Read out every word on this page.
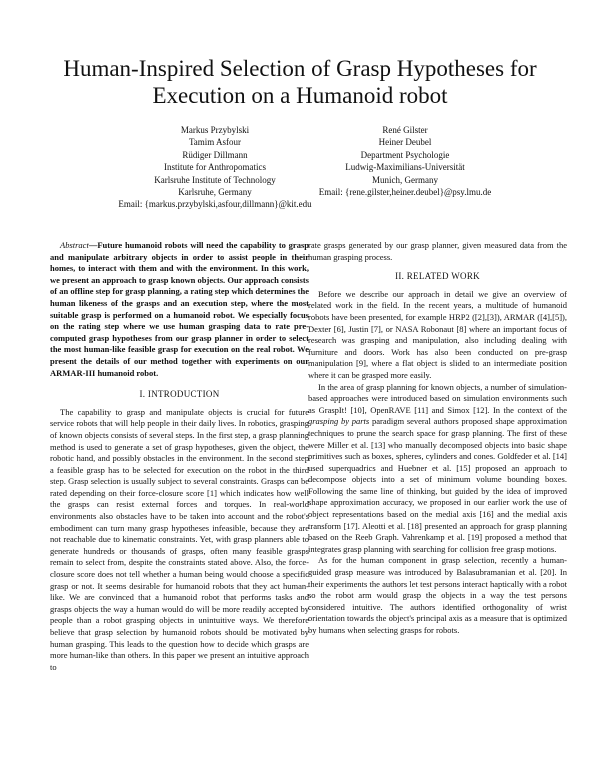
Human-Inspired Selection of Grasp Hypotheses for Execution on a Humanoid robot
Markus Przybylski
Tamim Asfour
Rüdiger Dillmann
Institute for Anthropomatics
Karlsruhe Institute of Technology
Karlsruhe, Germany
Email: {markus.przybylski,asfour,dillmann}@kit.edu
René Gilster
Heiner Deubel
Department Psychologie
Ludwig-Maximilians-Universität
Munich, Germany
Email: {rene.gilster,heiner.deubel}@psy.lmu.de

Abstract—Future humanoid robots will need the capability to grasp and manipulate arbitrary objects in order to assist people in their homes, to interact with them and with the environment. In this work, we present an approach to grasp known objects. Our approach consists of an offline step for grasp planning, a rating step which determines the human likeness of the grasps and an execution step, where the most suitable grasp is performed on a humanoid robot. We especially focus on the rating step where we use human grasping data to rate pre-computed grasp hypotheses from our grasp planner in order to select the most human-like feasible grasp for execution on the real robot. We present the details of our method together with experiments on our ARMAR-III humanoid robot.

I. INTRODUCTION

The capability to grasp and manipulate objects is crucial for future service robots that will help people in their daily lives. In robotics, grasping of known objects consists of several steps. In the first step, a grasp planning method is used to generate a set of grasp hypotheses, given the object, the robotic hand, and possibly obstacles in the environment. In the second step a feasible grasp has to be selected for execution on the robot in the third step. Grasp selection is usually subject to several constraints. Grasps can be rated depending on their force-closure score [1] which indicates how well the grasps can resist external forces and torques. In real-world environments also obstacles have to be taken into account and the robot's embodiment can turn many grasp hypotheses infeasible, because they are not reachable due to kinematic constraints. Yet, with grasp planners able to generate hundreds or thousands of grasps, often many feasible grasps remain to select from, despite the constraints stated above. Also, the force-closure score does not tell whether a human being would choose a specific grasp or not. It seems desirable for humanoid robots that they act human-like. We are convinced that a humanoid robot that performs tasks and grasps objects the way a human would do will be more readily accepted by people than a robot grasping objects in unintuitive ways. We therefore believe that grasp selection by humanoid robots should be motivated by human grasping. This leads to the question how to decide which grasps are more human-like than others. In this paper we present an intuitive approach to

rate grasps generated by our grasp planner, given measured data from the human grasping process.

II. RELATED WORK

Before we describe our approach in detail we give an overview of related work in the field. In the recent years, a multitude of humanoid robots have been presented, for example HRP2 ([2],[3]), ARMAR ([4],[5]), Dexter [6], Justin [7], or NASA Robonaut [8] where an important focus of research was grasping and manipulation, also including dealing with furniture and doors. Work has also been conducted on pre-grasp manipulation [9], where a flat object is slided to an intermediate position where it can be grasped more easily.

In the area of grasp planning for known objects, a number of simulation-based approaches were introduced based on simulation environments such as GraspIt! [10], OpenRAVE [11] and Simox [12]. In the context of the grasping by parts paradigm several authors proposed shape approximation techniques to prune the search space for grasp planning. The first of these were Miller et al. [13] who manually decomposed objects into basic shape primitives such as boxes, spheres, cylinders and cones. Goldfeder et al. [14] used superquadrics and Huebner et al. [15] proposed an approach to decompose objects into a set of minimum volume bounding boxes. Following the same line of thinking, but guided by the idea of improved shape approximation accuracy, we proposed in our earlier work the use of object representations based on the medial axis [16] and the medial axis transform [17]. Aleotti et al. [18] presented an approach for grasp planning based on the Reeb Graph. Vahrenkamp et al. [19] proposed a method that integrates grasp planning with searching for collision free grasp motions.

As for the human component in grasp selection, recently a human-guided grasp measure was introduced by Balasubramanian et al. [20]. In their experiments the authors let test persons interact haptically with a robot so the robot arm would grasp the objects in a way the test persons considered intuitive. The authors identified orthogonality of wrist orientation towards the object's principal axis as a measure that is optimized by humans when selecting grasps for robots.
